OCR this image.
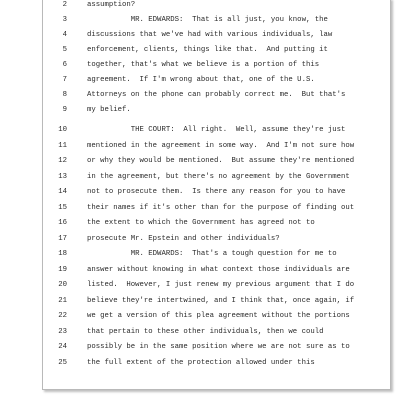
2	assumption?
3	MR. EDWARDS:  That is all just, you know, the
4	discussions that we've had with various individuals, law
5	enforcement, clients, things like that.  And putting it
6	together, that's what we believe is a portion of this
7	agreement.  If I'm wrong about that, one of the U.S.
8	Attorneys on the phone can probably correct me.  But that's
9	my belief.
10	THE COURT:  All right.  Well, assume they're just
11	mentioned in the agreement in some way.  And I'm not sure how
12	or why they would be mentioned.  But assume they're mentioned
13	in the agreement, but there's no agreement by the Government
14	not to prosecute them.  Is there any reason for you to have
15	their names if it's other than for the purpose of finding out
16	the extent to which the Government has agreed not to
17	prosecute Mr. Epstein and other individuals?
18	MR. EDWARDS:  That's a tough question for me to
19	answer without knowing in what context those individuals are
20	listed.  However, I just renew my previous argument that I do
21	believe they're intertwined, and I think that, once again, if
22	we get a version of this plea agreement without the portions
23	that pertain to these other individuals, then we could
24	possibly be in the same position where we are not sure as to
25	the full extent of the protection allowed under this
